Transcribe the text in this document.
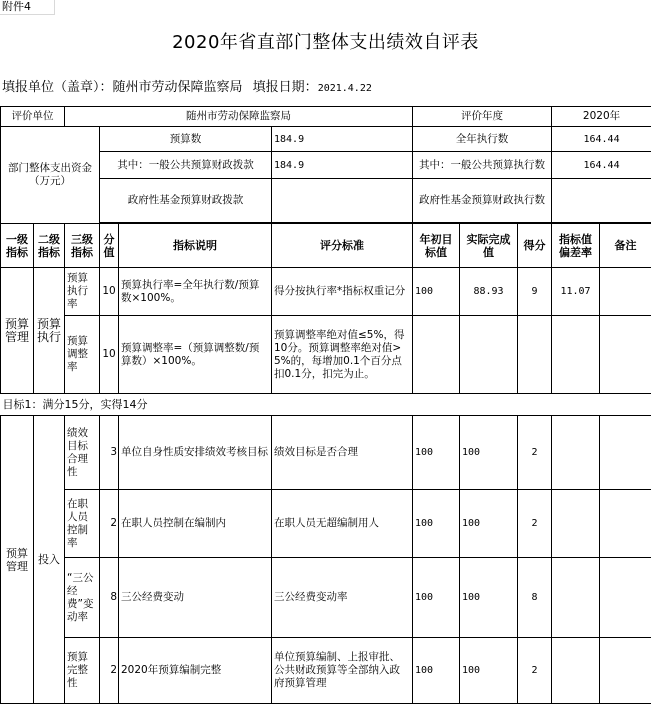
附件4
2020年省直部门整体支出绩效自评表
填报单位（盖章）：随州市劳动保障监察局 填报日期：2021.4.22
评价单位		随州市劳动保障监察局				评价年度			2020年	
部门整体支出资金（万元）			预算数		184.9	全年执行数			164.44	
			其中：一般公共预算财政拨款		184.9	其中：一般公共预算执行数			164.44	
			政府性基金预算财政拨款			政府性基金预算财政执行数				

一级指标	二级指标	三级指标	分值	指标说明	评分标准	年初目标值	实际完成值	得分	指标值偏差率	备注
预算管理	预算执行	预算执行率	10	预算执行率=全年执行数/预算数×100%。	得分按执行率*指标权重记分	100	88.93	9	11.07	
		预算调整率	10	预算调整率=（预算调整数/预算数）×100%。	预算调整率绝对值≤5%，得10分。预算调整率绝对值>5%的，每增加0.1个百分点扣0.1分，扣完为止。					
目标1：满分15分，实得14分										
预算管理	投入	绩效目标合理性	3	单位自身性质安排绩效考核目标	绩效目标是否合理	100	100	2		
		在职人员控制率	2	在职人员控制在编制内	在职人员无超编制用人	100	100	2		
		“三公经费”变动率	8	三公经费变动	三公经费变动率	100	100	8		
		预算完整性	2	2020年预算编制完整	单位预算编制、上报审批、公共财政预算等全部纳入政府预算管理	100	100	2		
